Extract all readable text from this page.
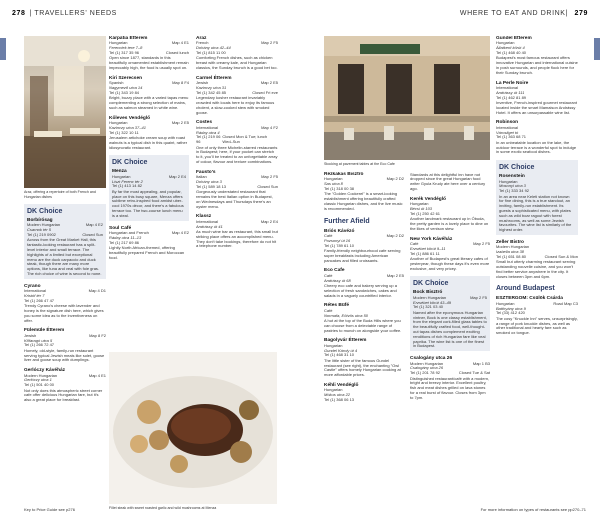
278 | TRAVELLERS' NEEDS	WHERE TO EAT AND DRINK| 279
Key to Price Guide see p276	For more information on types of restaurants see pp270–71
Araz, offering a repertoire of both French and Hungarian dishes
DK Choice
Borbírósag
Modern Hungarian	Map 4 E2
Csarnok tér 5
Tel (1) 219 0902	Closed Sun
Across from the Great Market Hall, this fantastic-looking restaurant has a split-level interior and small terrace. The highlights of a limited but exceptional menu are the duck carpaccio and duck steak, though there are many more options, like tuna and veal with foie gras. The rich choice of wine is second to none.
Cyrano
International	Map 4 D1
Kristóf tér 7
Tel (1) 266 47 47
Trendy Cyrano's cheese with lavender and honey is the signature dish here, which gives you some idea as to the inventiveness on offer.
Fülemüle Étterem
Jewish	Map 8 F2
Kőfaragó utca 5
Tel (1) 266 72 47
Homely, old-style, family-run restaurant serving typical Jewish meals like solet, goose liver and goose soup with dumplings.
Gerlóczy Kávéház
Modern Hungarian	Map 4 E1
Gerlóczy utca 1
Tel (1) 501 40 00
Not only does this atmospheric street corner cafe offer delicious Hungarian fare, but it's also a great place for breakfast.
Kárpátia Étterem
Hungarian	Map 4 E1
Ferenciek tere 7–8
Tel (1) 317 35 96	Closed lunch
Open since 1877, standards in this beautifully ornamented establishment remain impeccably high, the food is usually spot on.
Kiri Szerecsen
Spanish	Map 8 F4
Nagymező utca 14
Tel (1) 343 19 84
Bright, buzzy place with a varied tapas menu complementing a strong selection of mains, such as salmon steamed in white wine.
Kőleves Vendéglő
Hungarian	Map 2 E5
Kazinczy utca 37–41
Tel (1) 322 10 11
Jerusalem artichoke cream soup with roast walnuts is a typical dish in this quaint, rather idiosyncratic restaurant.
DK Choice
Menza
Hungarian	Map 2 E4
Liszt Ferenc tér 2
Tel (1) 413 14 82
By far the most appealing, and popular, place on this busy square, Menza offers sublime retro-inspired food amidst uber-cool 1970s décor, and there's a fabulous terrace too. The two-course lunch menu is a steal.
Soul Café
Hungarian and French	Map 4 E2
Ráday utca 11–13
Tel (1) 217 69 86
Lightly North African-themed, offering beautifully prepared French and Moroccan food.
Araz
French	Map 2 F5
Dohány utca 42–44
Tel (1) 815 11 00
Comforting French dishes, such as chicken breast with creamy kale, and Hungarian classics, the Sunday brunch is a good bet too.
Carmel Étterem
Jewish	Map 2 E5
Kazinczy utca 31
Tel (1) 342 45 85	Closed Fri eve
Legendary kosher restaurant invariably crowded with locals here to enjoy its famous cholent, a slow-cooked stew with smoked goose.
Costes
International	Map 4 F2
Ráday utca 4
Tel (1) 219 06 96
Closed Mon & Tue; lunch Wed–Sun
One of only three Michelin-starred restaurants in Budapest; here, if your pocket can stretch to it, you'll be treated to an unforgettable array of colour, flavour and texture combinations.
Fausto's
Italian	Map 2 F5
Dohány utca 3
Tel (1) 589 18 13	Closed Sun
Gorgeously understated restaurant that remains the best Italian option in Budapest, on Wednesdays and Thursdays there's an oyster menu.
Klassz
International	Map 2 E4
Andrássy út 41
As much wine bar as restaurant, this small but striking place offers an accomplished menu. They don't take bookings, therefore do not hit a telephone number.
Fillet steak with sweet roasted garlic and wild mushrooms at Menza
Stocking at pavement tables at the Eco Cafe
Rézkakas Bisztró
Hungarian	Map 2 D2
Sas utca 8
Tel (1) 318 00 38
The "Golden Cockerel" is a smart-looking establishment offering beautifully crafted classic Hungarian dishes, and the live music is recommended.
Further Afield
Briós Kávézó
Café	Map 2 D2
Pozsonyi út 16
Tel (1) 789 61 10
Family-friendly neighbourhood cafe serving super breakfasts including American pancakes and filled croissants.
Eco Cafe
Café	Map 2 E5
Andrássy út 68
Cheery eco cafe and bakery serving up a selection of fresh sandwiches, cakes and salads in a vaguely countrified interior.
Rétes Büfé
Café
Normafa, Eötvös utca 50
A hut at the top of the Buda Hills where you can choose from a delectable range of pastries to munch on alongside your coffee.
Bagolyvár Étterem
Hungarian
Gundel Károly út 4
Tel (1) 468 31 10
The little sister of the famous Gundel restaurant (see right), the enchanting "Owl Castle" offers homely Hungarian cooking at more affordable prices.
Kéhli Vendéglő
Hungarian
Mókus utca 22
Tel (1) 368 06 13
Standards at this delightful inn have not dropped since the great Hungarian food writer Gyula Krudy ate here over a century ago.
Kerék Vendéglő
Hungarian
Bécsi út 103
Tel (1) 250 42 61
Another landmark restaurant up in Óbuda, the pretty garden is a lovely place to dine on the likes of venison stew.
New York Kávéház
Café	Map 2 F5
Erzsébet körút 9–11
Tel (1) 886 61 11
Another of Budapest's great literary cafes of yesteryear, though these days it's even more exclusive, and very pricey.
DK Choice
Bock Bisztró
Modern Hungarian	Map 2 F5
Erzsébet körút 43–49
Tel (1) 321 03 40
Named after the eponymous Hungarian vintner, Bock is one classy establishment, from the elegant cork-filled glass tables to the beautifully crafted food, well-thought-out tapas dishes complement exciting renditions of rich Hungarian fare like veal paprika. The wine list is one of the finest in Budapest.
Csalogány utca 26
Modern Hungarian	Map 1 B3
Csalogány utca 26
Tel (1) 201 78 92	Closed Tue & Sat
Distinguished restaurant/café with a modern, bright and breezy interior. Excellent poultry, fish and meat dishes grilled on lava stones for a real burst of flavour. Closes from 3pm to 7pm.
Gundel Étterem
Hungarian
Állatkerti körút 4
Tel (1) 468 40 40
Budapest's most famous restaurant offers innovative Hungarian and international cuisine in posh surrounds, and people flock here for their Sunday brunch.
La Perle Noire
International
Andrássy út 111
Tel (1) 462 81 89
Inventive, French-inspired gourmet restaurant located inside the smart Mamaison Andrássy Hotel. It offers an unsurpassable wine list.
Robinson
International
Városliget tó
Tel (1) 363 68 71
In an unbeatable location on the lake, the outdoor terrace is a wonderful spot to indulge in some exotic seafood dishes.
DK Choice
Rosenstein
Hungarian
Mosonyi utca 3
Tel (1) 333 34 92
In an area near Keleti station not known for fine dining, this is a true standout, an inviting, family-run establishment. Its guests a sophisticated menu, with plates such as wild boar ragout with forest mushrooms, as well as some Jewish favourites. The wine list is similarly of the highest order.
Zeller Bistro
Modern Hungarian
Izabella utca 38
Tel (1) 651 08 80	Closed Sun & Mon
Small but utterly charming restaurant serving outstanding nouvelle cuisine, and you won't find better service anywhere in the city. It closes between 3pm and 6pm.
Around Budapest
ESZTERGOM: Csülök Csárda
Hungarian	Road Map C3
Batthyány utca 9
Tel (33) 412 420
The cosy "Knuckle Inn" serves, unsurprisingly, a range of pork knuckle dishes, as well as other traditional and hearty fare such as smoked ox tongue.
